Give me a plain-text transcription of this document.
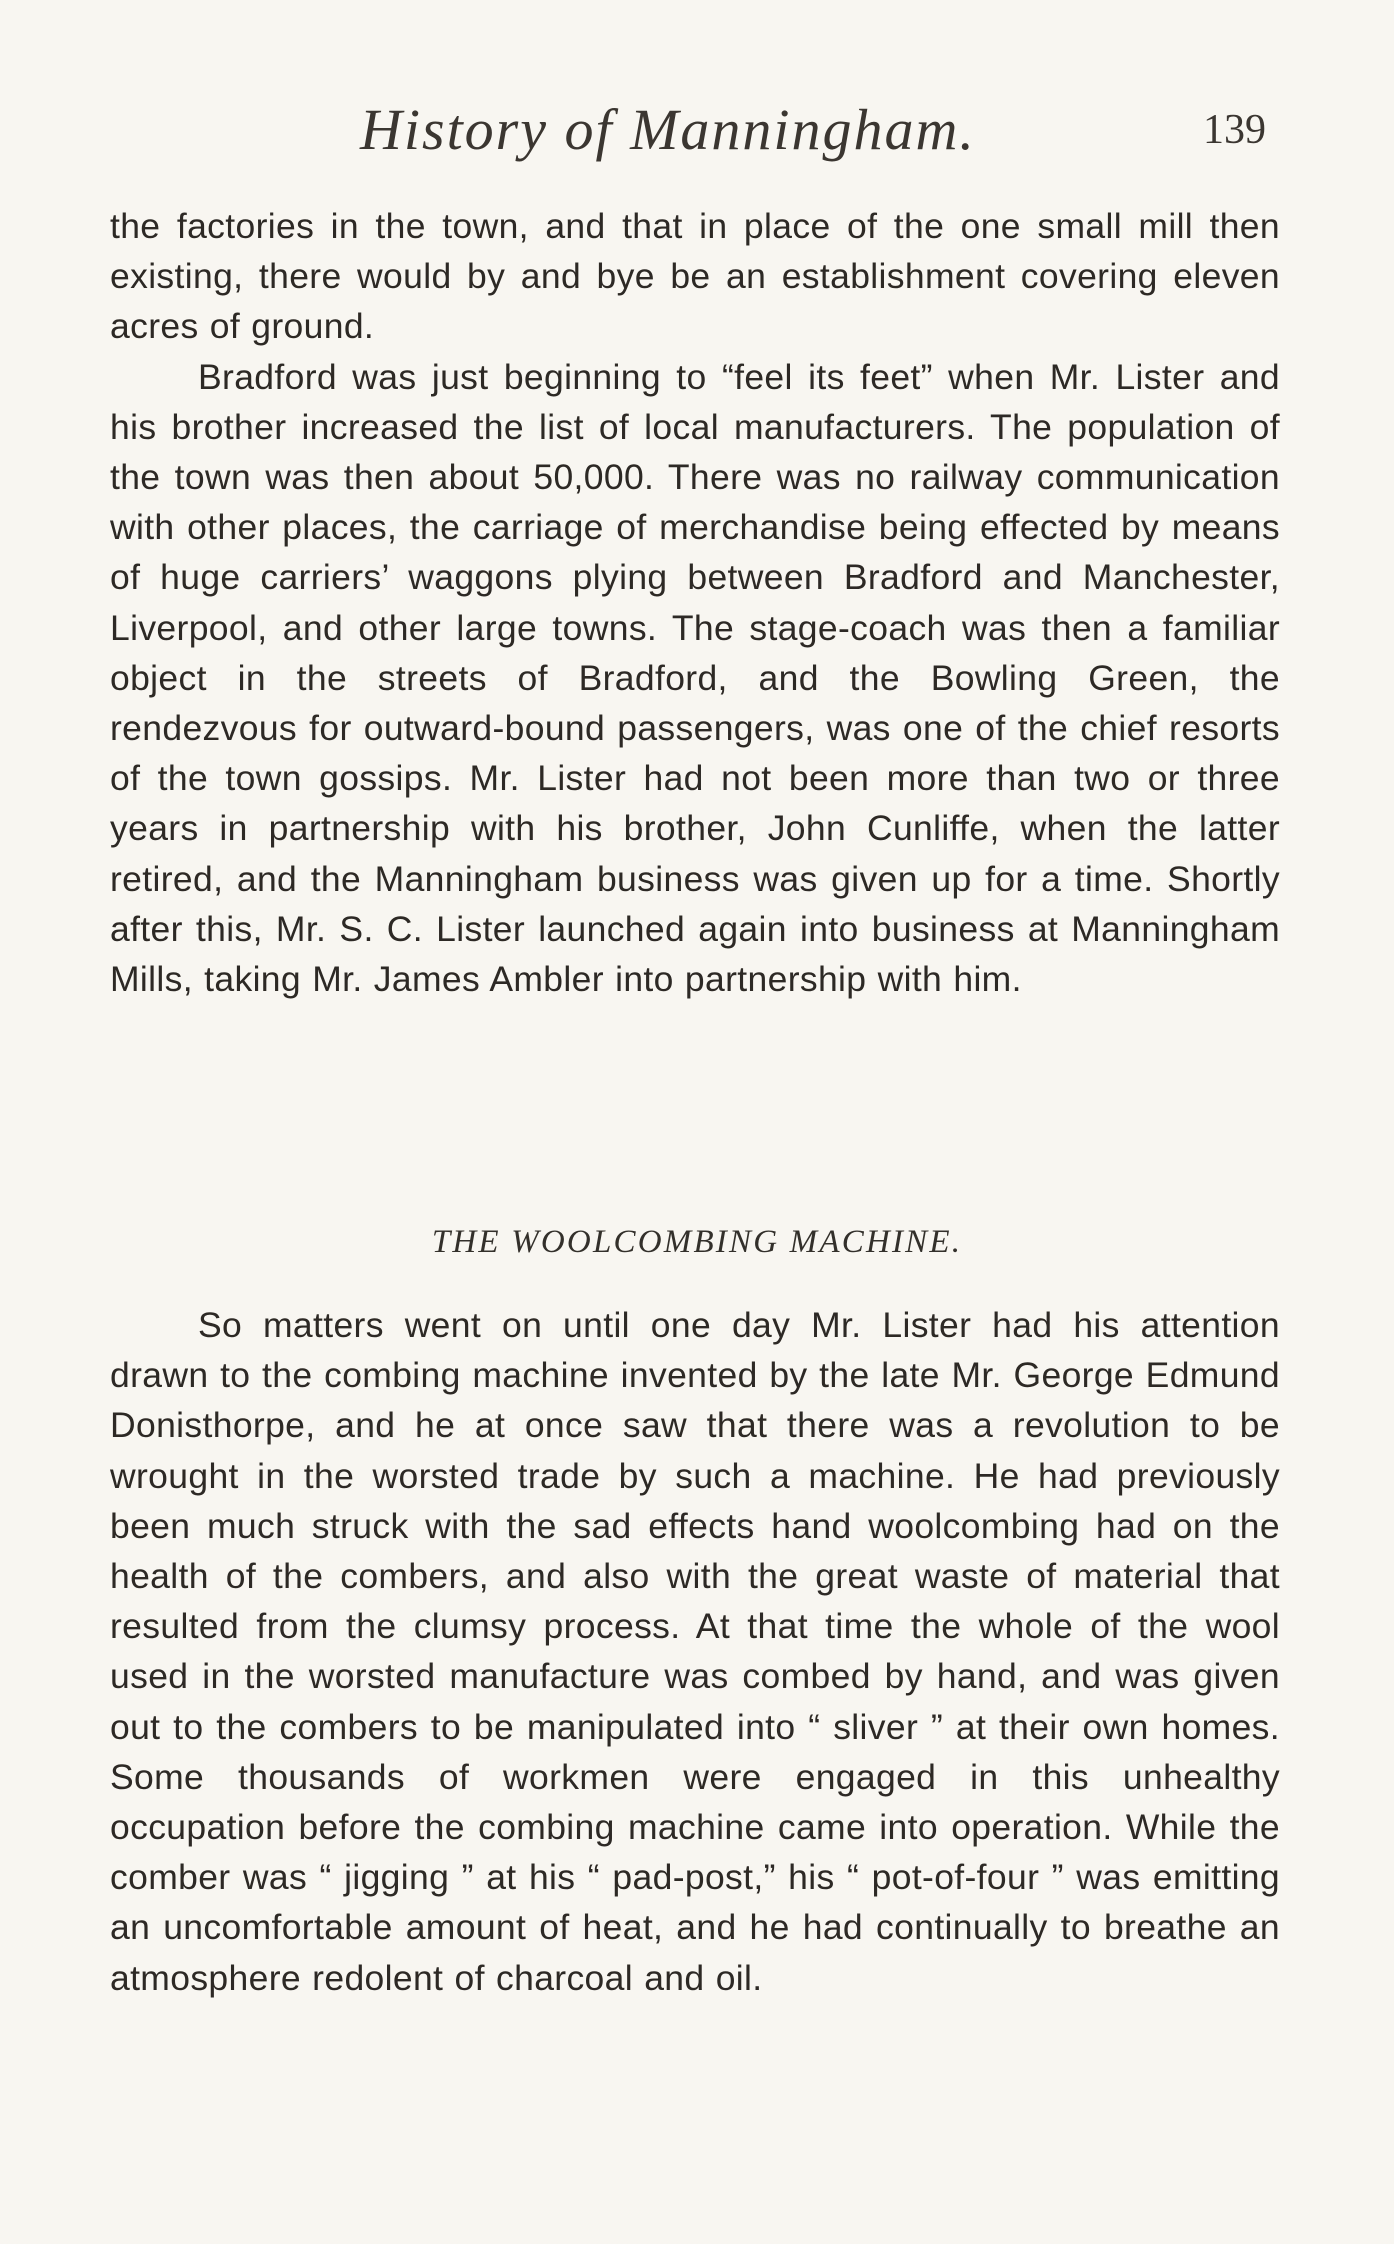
History of Manningham.	139

the factories in the town, and that in place of the one small mill then existing, there would by and bye be an establishment covering eleven acres of ground.

Bradford was just beginning to “feel its feet” when Mr. Lister and his brother increased the list of local manufacturers. The population of the town was then about 50,000. There was no railway communication with other places, the carriage of merchandise being effected by means of huge carriers’ waggons plying between Bradford and Manchester, Liverpool, and other large towns. The stage-coach was then a familiar object in the streets of Bradford, and the Bowling Green, the rendezvous for outward-bound passengers, was one of the chief resorts of the town gossips. Mr. Lister had not been more than two or three years in partnership with his brother, John Cunliffe, when the latter retired, and the Manningham business was given up for a time. Shortly after this, Mr. S. C. Lister launched again into business at Manningham Mills, taking Mr. James Ambler into partnership with him.

THE WOOLCOMBING MACHINE.

So matters went on until one day Mr. Lister had his attention drawn to the combing machine invented by the late Mr. George Edmund Donisthorpe, and he at once saw that there was a revolution to be wrought in the worsted trade by such a machine. He had previously been much struck with the sad effects hand woolcombing had on the health of the combers, and also with the great waste of material that resulted from the clumsy process. At that time the whole of the wool used in the worsted manufacture was combed by hand, and was given out to the combers to be manipulated into “ sliver ” at their own homes. Some thousands of workmen were engaged in this unhealthy occupation before the combing machine came into operation. While the comber was “ jigging ” at his “ pad-post,” his “ pot-of-four ” was emitting an uncomfortable amount of heat, and he had continually to breathe an atmosphere redolent of charcoal and oil.
